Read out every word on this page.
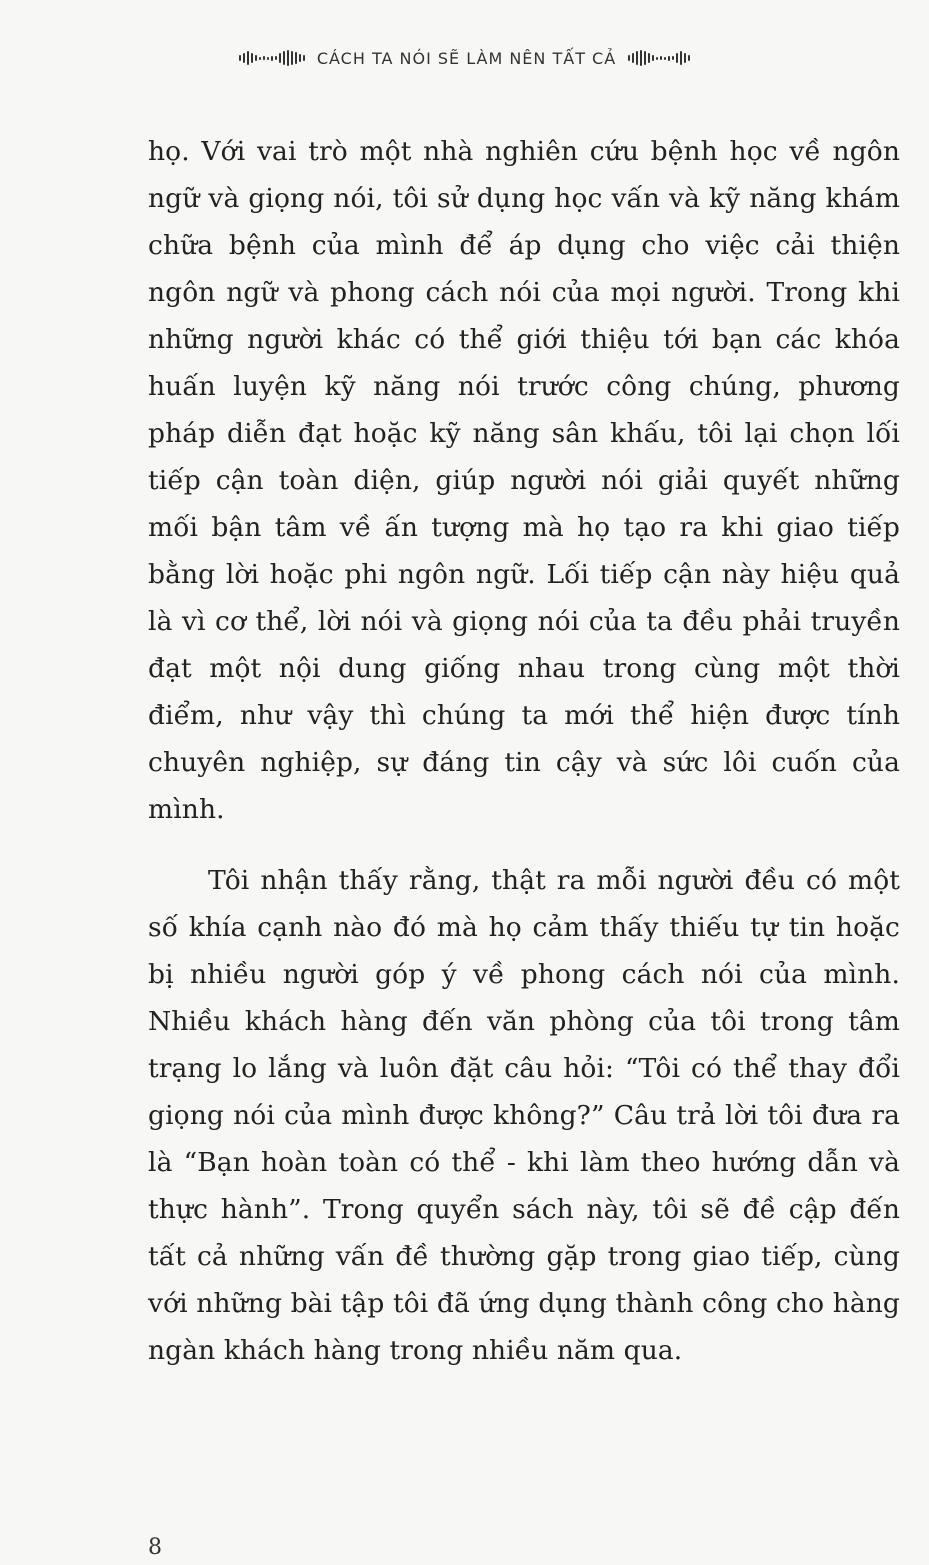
CÁCH TA NÓI SẼ LÀM NÊN TẤT CẢ

họ. Với vai trò một nhà nghiên cứu bệnh học về ngôn ngữ và giọng nói, tôi sử dụng học vấn và kỹ năng khám chữa bệnh của mình để áp dụng cho việc cải thiện ngôn ngữ và phong cách nói của mọi người. Trong khi những người khác có thể giới thiệu tới bạn các khóa huấn luyện kỹ năng nói trước công chúng, phương pháp diễn đạt hoặc kỹ năng sân khấu, tôi lại chọn lối tiếp cận toàn diện, giúp người nói giải quyết những mối bận tâm về ấn tượng mà họ tạo ra khi giao tiếp bằng lời hoặc phi ngôn ngữ. Lối tiếp cận này hiệu quả là vì cơ thể, lời nói và giọng nói của ta đều phải truyền đạt một nội dung giống nhau trong cùng một thời điểm, như vậy thì chúng ta mới thể hiện được tính chuyên nghiệp, sự đáng tin cậy và sức lôi cuốn của mình.

Tôi nhận thấy rằng, thật ra mỗi người đều có một số khía cạnh nào đó mà họ cảm thấy thiếu tự tin hoặc bị nhiều người góp ý về phong cách nói của mình. Nhiều khách hàng đến văn phòng của tôi trong tâm trạng lo lắng và luôn đặt câu hỏi: “Tôi có thể thay đổi giọng nói của mình được không?” Câu trả lời tôi đưa ra là “Bạn hoàn toàn có thể - khi làm theo hướng dẫn và thực hành”. Trong quyển sách này, tôi sẽ đề cập đến tất cả những vấn đề thường gặp trong giao tiếp, cùng với những bài tập tôi đã ứng dụng thành công cho hàng ngàn khách hàng trong nhiều năm qua.

8
